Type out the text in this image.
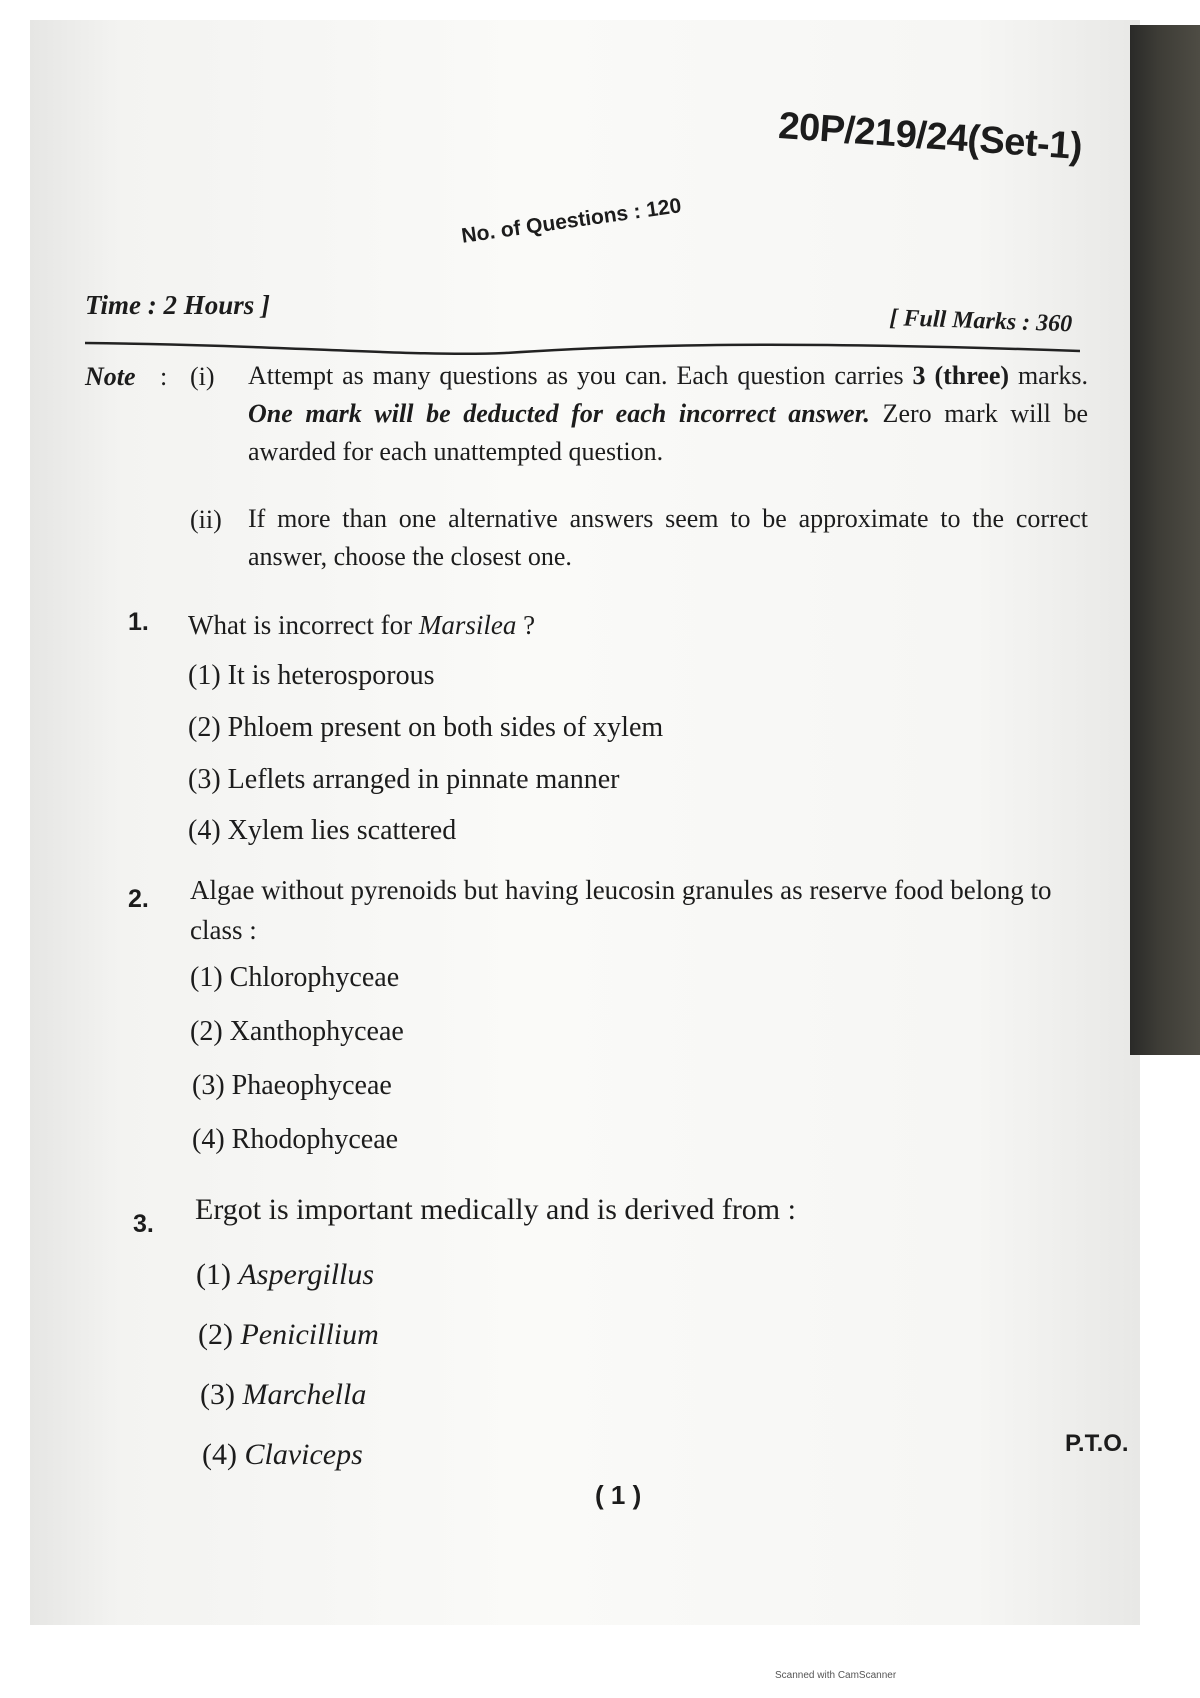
20P/219/24(Set-1)
No. of Questions : 120
Time : 2 Hours ]	[ Full Marks : 360
Note : (i) Attempt as many questions as you can. Each question carries 3 (three) marks. One mark will be deducted for each incorrect answer. Zero mark will be awarded for each unattempted question.
(ii) If more than one alternative answers seem to be approximate to the correct answer, choose the closest one.
1. What is incorrect for Marsilea ?
(1) It is heterosporous
(2) Phloem present on both sides of xylem
(3) Leflets arranged in pinnate manner
(4) Xylem lies scattered
2. Algae without pyrenoids but having leucosin granules as reserve food belong to class :
(1) Chlorophyceae
(2) Xanthophyceae
(3) Phaeophyceae
(4) Rhodophyceae
3. Ergot is important medically and is derived from :
(1) Aspergillus
(2) Penicillium
(3) Marchella
(4) Claviceps	P.T.O.
( 1 )
Scanned with CamScanner
